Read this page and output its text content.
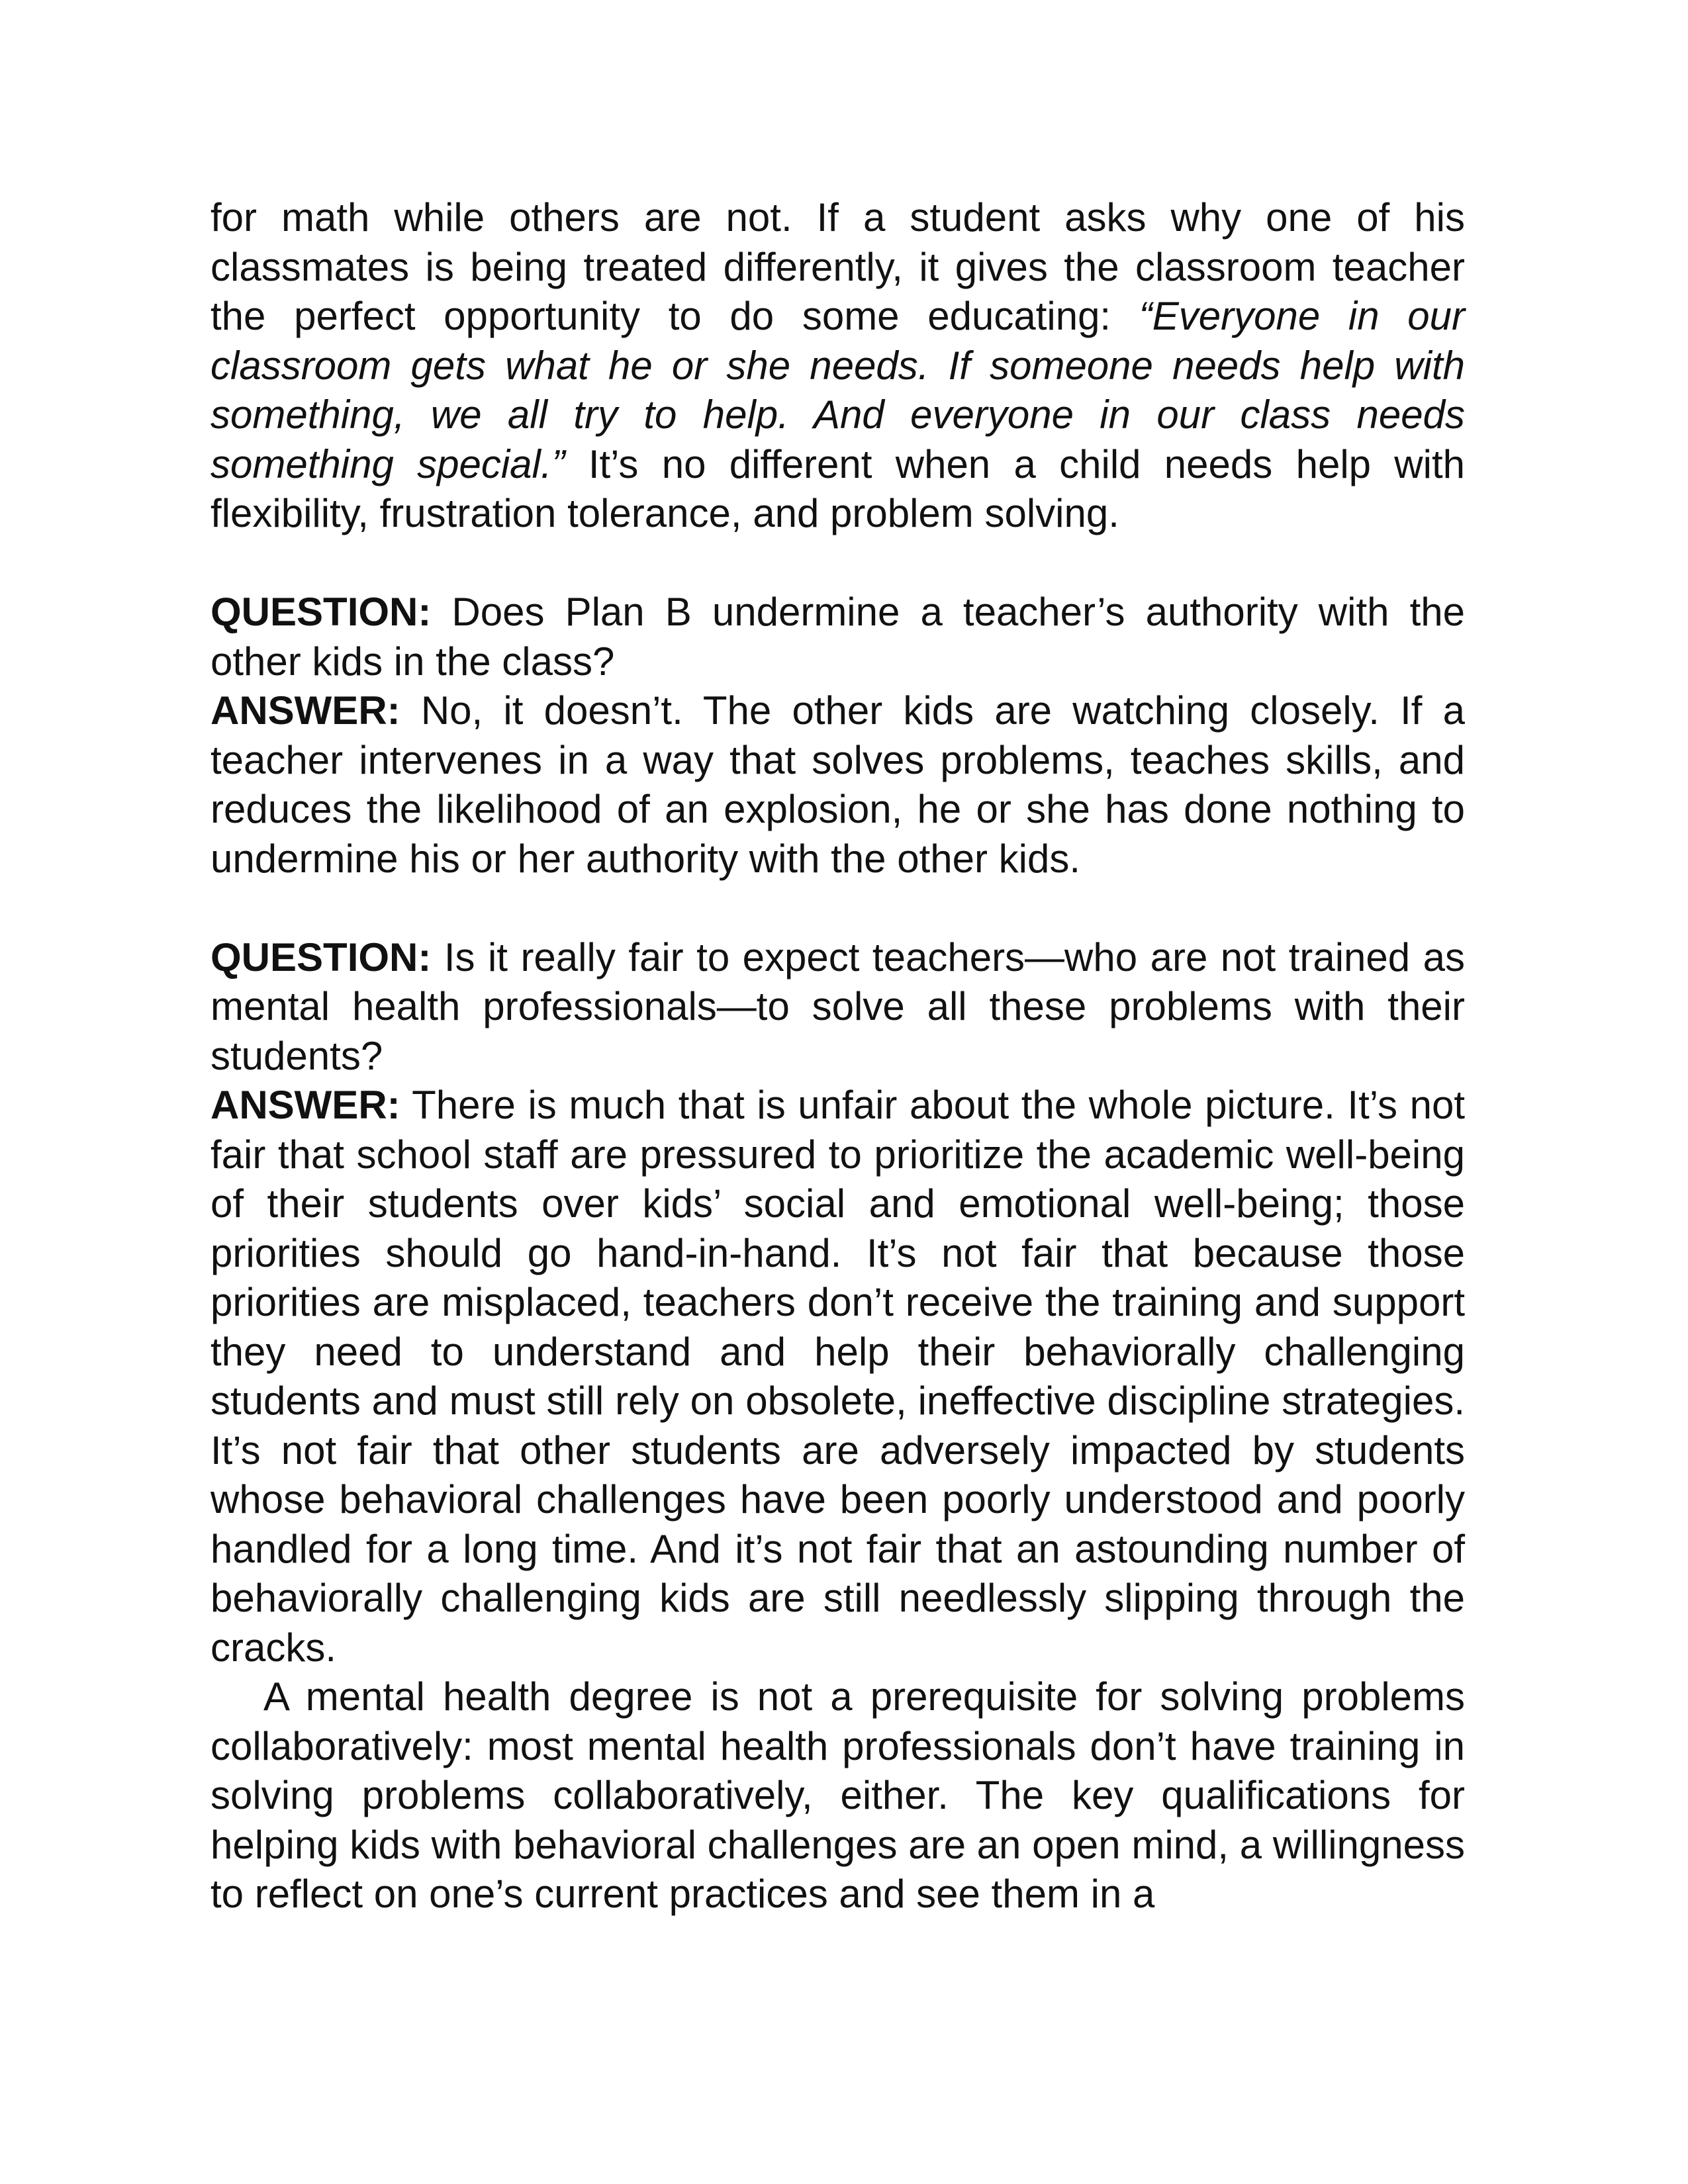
for math while others are not. If a student asks why one of his classmates is being treated differently, it gives the classroom teacher the perfect opportunity to do some educating: “Everyone in our classroom gets what he or she needs. If someone needs help with something, we all try to help. And everyone in our class needs something special.” It’s no different when a child needs help with flexibility, frustration tolerance, and problem solving.

QUESTION: Does Plan B undermine a teacher’s authority with the other kids in the class?

ANSWER: No, it doesn’t. The other kids are watching closely. If a teacher intervenes in a way that solves problems, teaches skills, and reduces the likelihood of an explosion, he or she has done nothing to undermine his or her authority with the other kids.

QUESTION: Is it really fair to expect teachers—who are not trained as mental health professionals—to solve all these problems with their students?

ANSWER: There is much that is unfair about the whole picture. It’s not fair that school staff are pressured to prioritize the academic well-being of their students over kids’ social and emotional well-being; those priorities should go hand-in-hand. It’s not fair that because those priorities are misplaced, teachers don’t receive the training and support they need to understand and help their behaviorally challenging students and must still rely on obsolete, ineffective discipline strategies. It’s not fair that other students are adversely impacted by students whose behavioral challenges have been poorly understood and poorly handled for a long time. And it’s not fair that an astounding number of behaviorally challenging kids are still needlessly slipping through the cracks.

A mental health degree is not a prerequisite for solving problems collaboratively: most mental health professionals don’t have training in solving problems collaboratively, either. The key qualifications for helping kids with behavioral challenges are an open mind, a willingness to reflect on one’s current practices and see them in a
